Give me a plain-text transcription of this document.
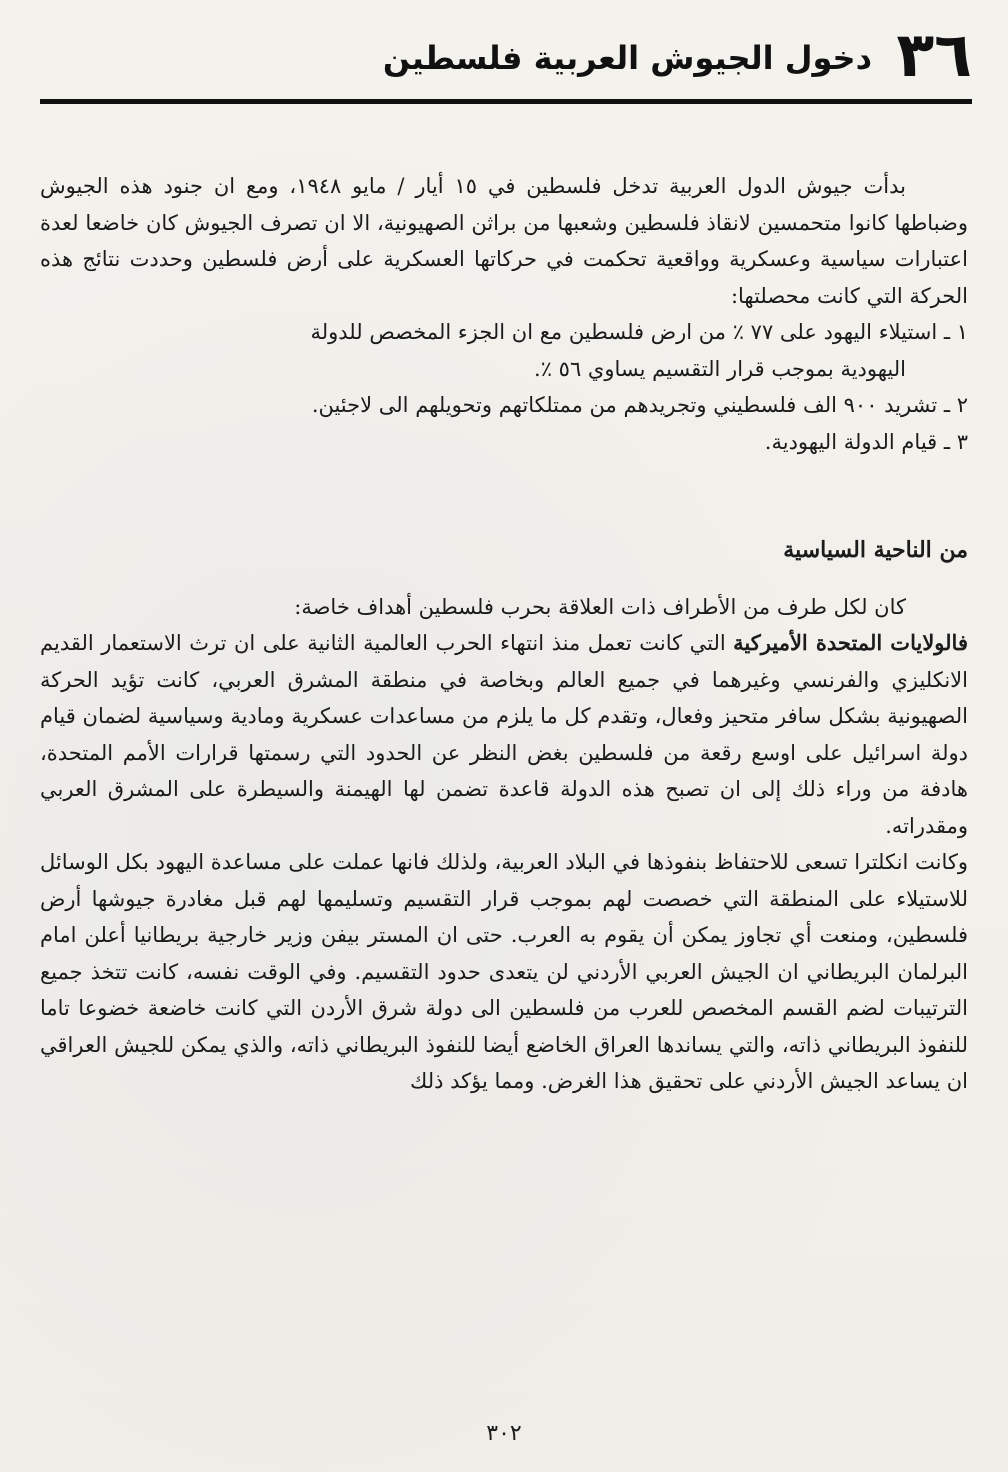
٣٦
دخول الجيوش العربية فلسطين

بدأت جيوش الدول العربية تدخل فلسطين في ١٥ أيار / مايو ١٩٤٨، ومع ان جنود هذه الجيوش وضباطها كانوا متحمسين لانقاذ فلسطين وشعبها من براثن الصهيونية، الا ان تصرف الجيوش كان خاضعا لعدة اعتبارات سياسية وعسكرية وواقعية تحكمت في حركاتها العسكرية على أرض فلسطين وحددت نتائج هذه الحركة التي كانت محصلتها:

١ ـ استيلاء اليهود على ٧٧ ٪ من ارض فلسطين مع ان الجزء المخصص للدولة

اليهودية بموجب قرار التقسيم يساوي ٥٦ ٪.

٢ ـ تشريد ٩٠٠ الف فلسطيني وتجريدهم من ممتلكاتهم وتحويلهم الى لاجئين.

٣ ـ قيام الدولة اليهودية.

من الناحية السياسية

كان لكل طرف من الأطراف ذات العلاقة بحرب فلسطين أهداف خاصة:

فالولايات المتحدة الأميركية التي كانت تعمل منذ انتهاء الحرب العالمية الثانية على ان ترث الاستعمار القديم الانكليزي والفرنسي وغيرهما في جميع العالم وبخاصة في منطقة المشرق العربي، كانت تؤيد الحركة الصهيونية بشكل سافر متحيز وفعال، وتقدم كل ما يلزم من مساعدات عسكرية ومادية وسياسية لضمان قيام دولة اسرائيل على اوسع رقعة من فلسطين بغض النظر عن الحدود التي رسمتها قرارات الأمم المتحدة، هادفة من وراء ذلك إلى ان تصبح هذه الدولة قاعدة تضمن لها الهيمنة والسيطرة على المشرق العربي ومقدراته.

وكانت انكلترا تسعى للاحتفاظ بنفوذها في البلاد العربية، ولذلك فانها عملت على مساعدة اليهود بكل الوسائل للاستيلاء على المنطقة التي خصصت لهم بموجب قرار التقسيم وتسليمها لهم قبل مغادرة جيوشها أرض فلسطين، ومنعت أي تجاوز يمكن أن يقوم به العرب. حتى ان المستر بيفن وزير خارجية بريطانيا أعلن امام البرلمان البريطاني ان الجيش العربي الأردني لن يتعدى حدود التقسيم. وفي الوقت نفسه، كانت تتخذ جميع الترتيبات لضم القسم المخصص للعرب من فلسطين الى دولة شرق الأردن التي كانت خاضعة خضوعا تاما للنفوذ البريطاني ذاته، والتي يساندها العراق الخاضع أيضا للنفوذ البريطاني ذاته، والذي يمكن للجيش العراقي ان يساعد الجيش الأردني على تحقيق هذا الغرض. ومما يؤكد ذلك

٣٠٢
